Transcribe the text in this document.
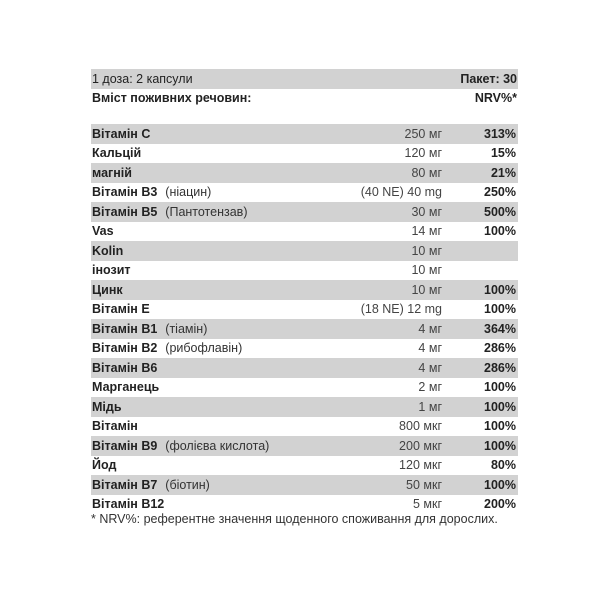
1 доза: 2 капсули	Пакет: 30
Вміст поживних речовин:	NRV%*
Вітамін C	250 мг	313%
Кальцій	120 мг	15%
магній	80 мг	21%
Вітамін B3 (ніацин)	(40 NE) 40 mg	250%
Вітамін B5 (Пантотензав)	30 мг	500%
Vas	14 мг	100%
Kolin	10 мг
інозит	10 мг
Цинк	10 мг	100%
Вітамін E	(18 NE) 12 mg	100%
Вітамін B1 (тіамін)	4 мг	364%
Вітамін B2 (рибофлавін)	4 мг	286%
Вітамін B6	4 мг	286%
Марганець	2 мг	100%
Мідь	1 мг	100%
Вітамін	800 мкг	100%
Вітамін B9 (фолієва кислота)	200 мкг	100%
Йод	120 мкг	80%
Вітамін B7 (біотин)	50 мкг	100%
Вітамін B12	5 мкг	200%
* NRV%: референтне значення щоденного споживання для дорослих.
